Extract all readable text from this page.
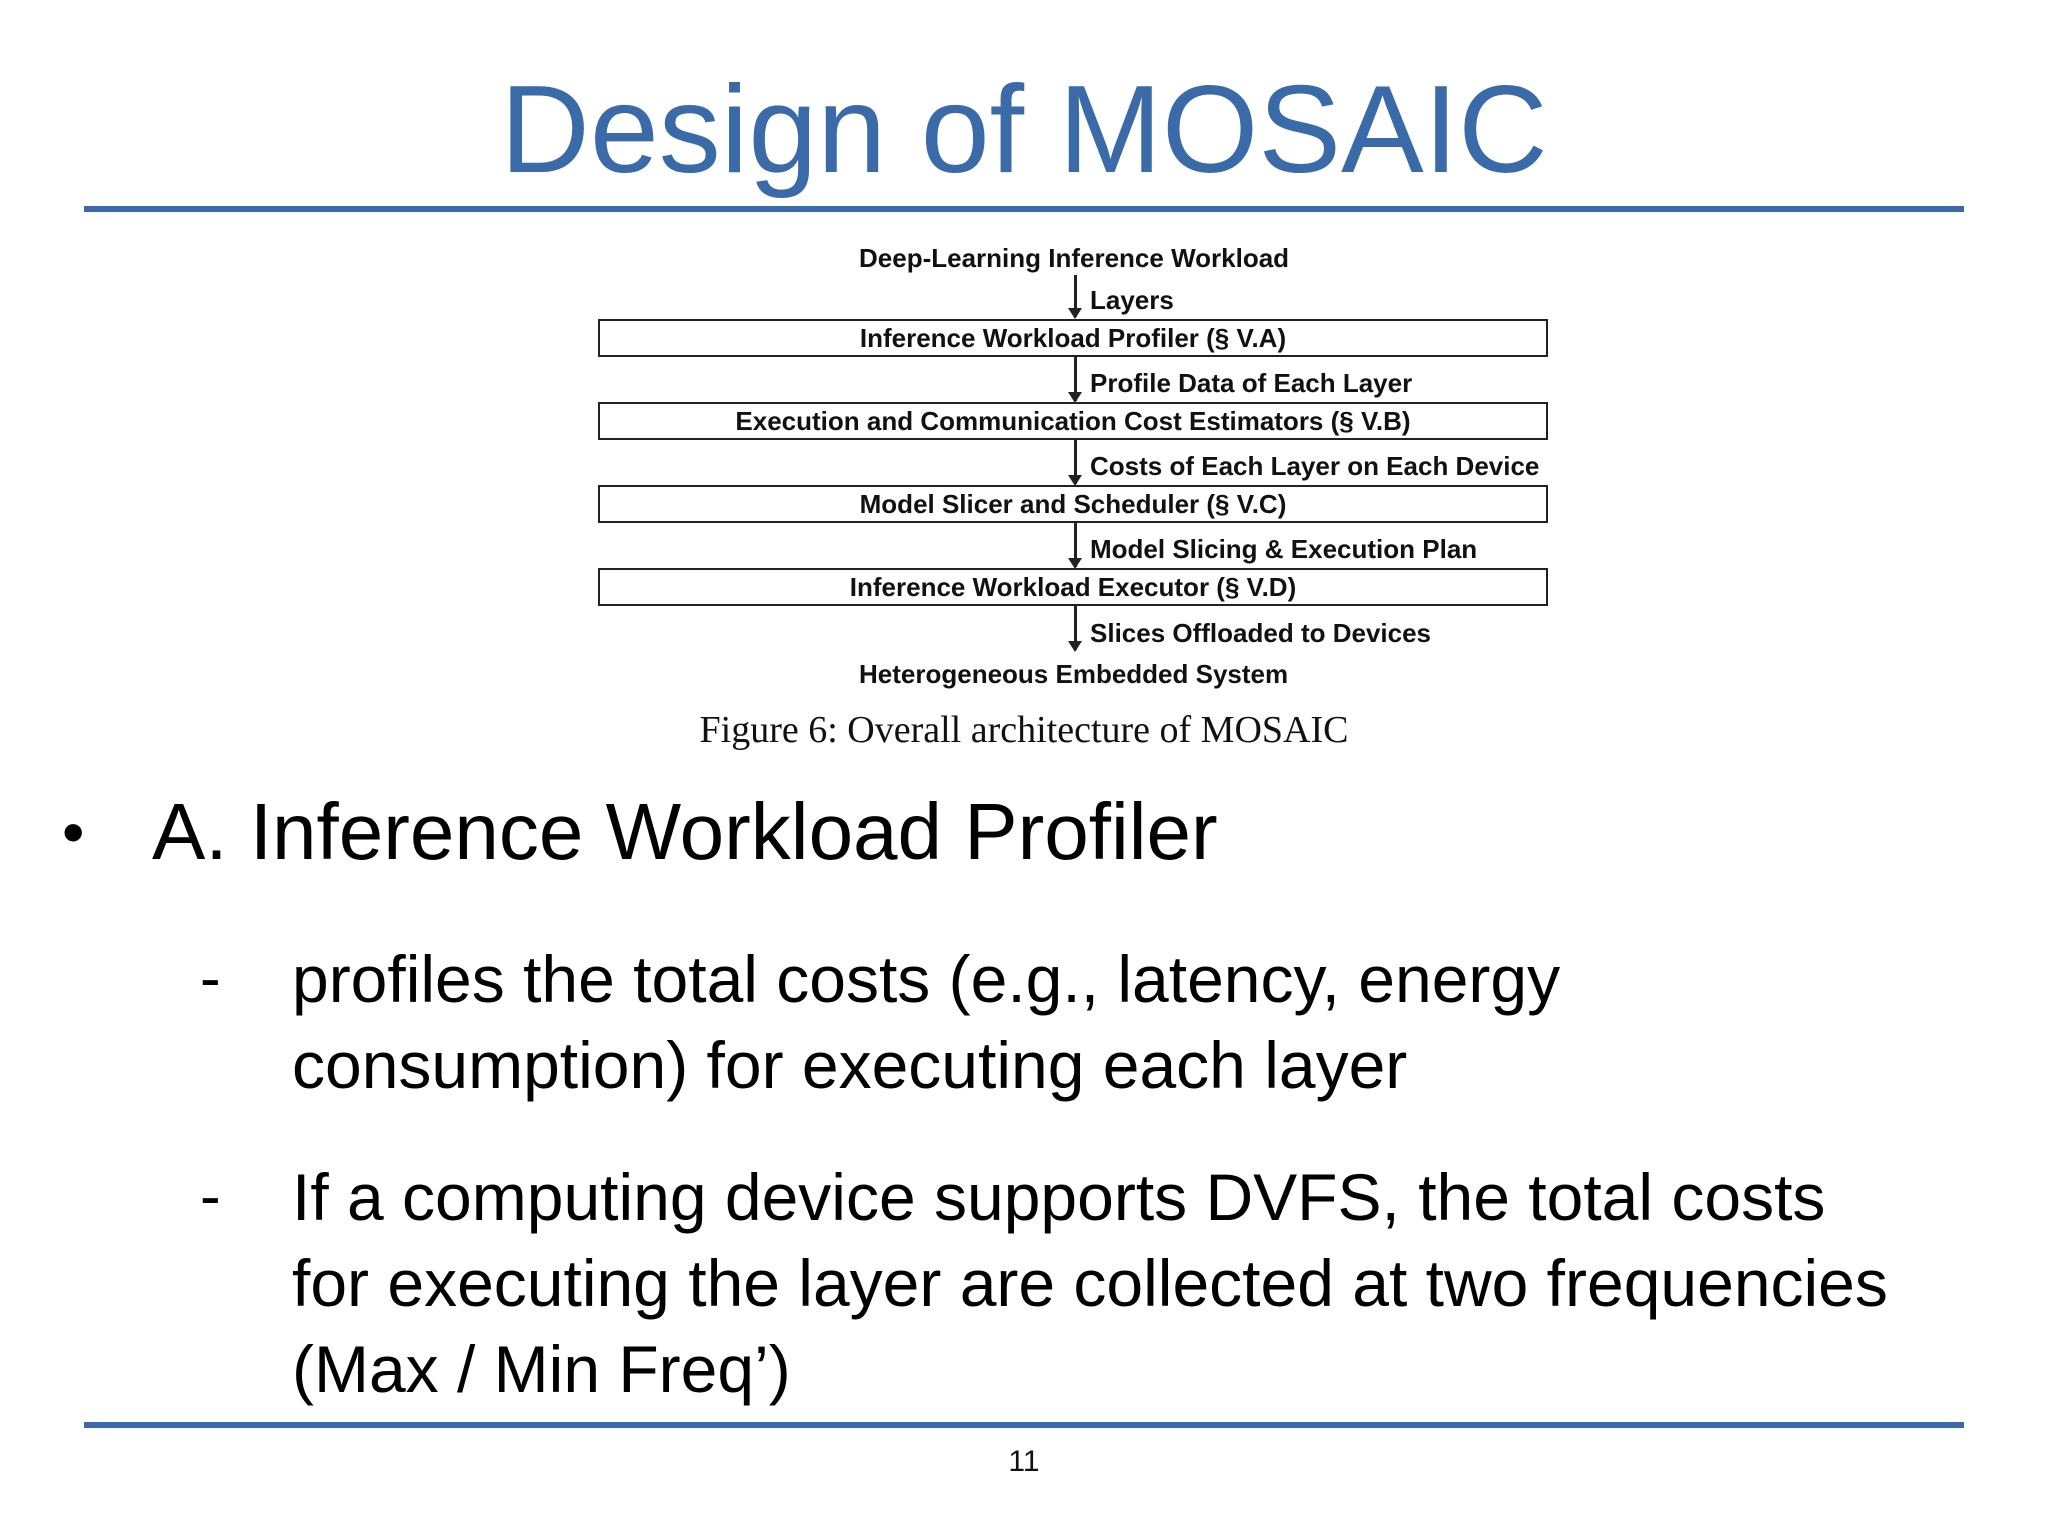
Design of MOSAIC
Deep-Learning Inference Workload
Layers
Inference Workload Profiler (§ V.A)
Profile Data of Each Layer
Execution and Communication Cost Estimators (§ V.B)
Costs of Each Layer on Each Device
Model Slicer and Scheduler (§ V.C)
Model Slicing & Execution Plan
Inference Workload Executor (§ V.D)
Slices Offloaded to Devices
Heterogeneous Embedded System
Figure 6: Overall architecture of MOSAIC
• A. Inference Workload Profiler
- profiles the total costs (e.g., latency, energy
consumption) for executing each layer
- If a computing device supports DVFS, the total costs
for executing the layer are collected at two frequencies
(Max / Min Freq’)
11
